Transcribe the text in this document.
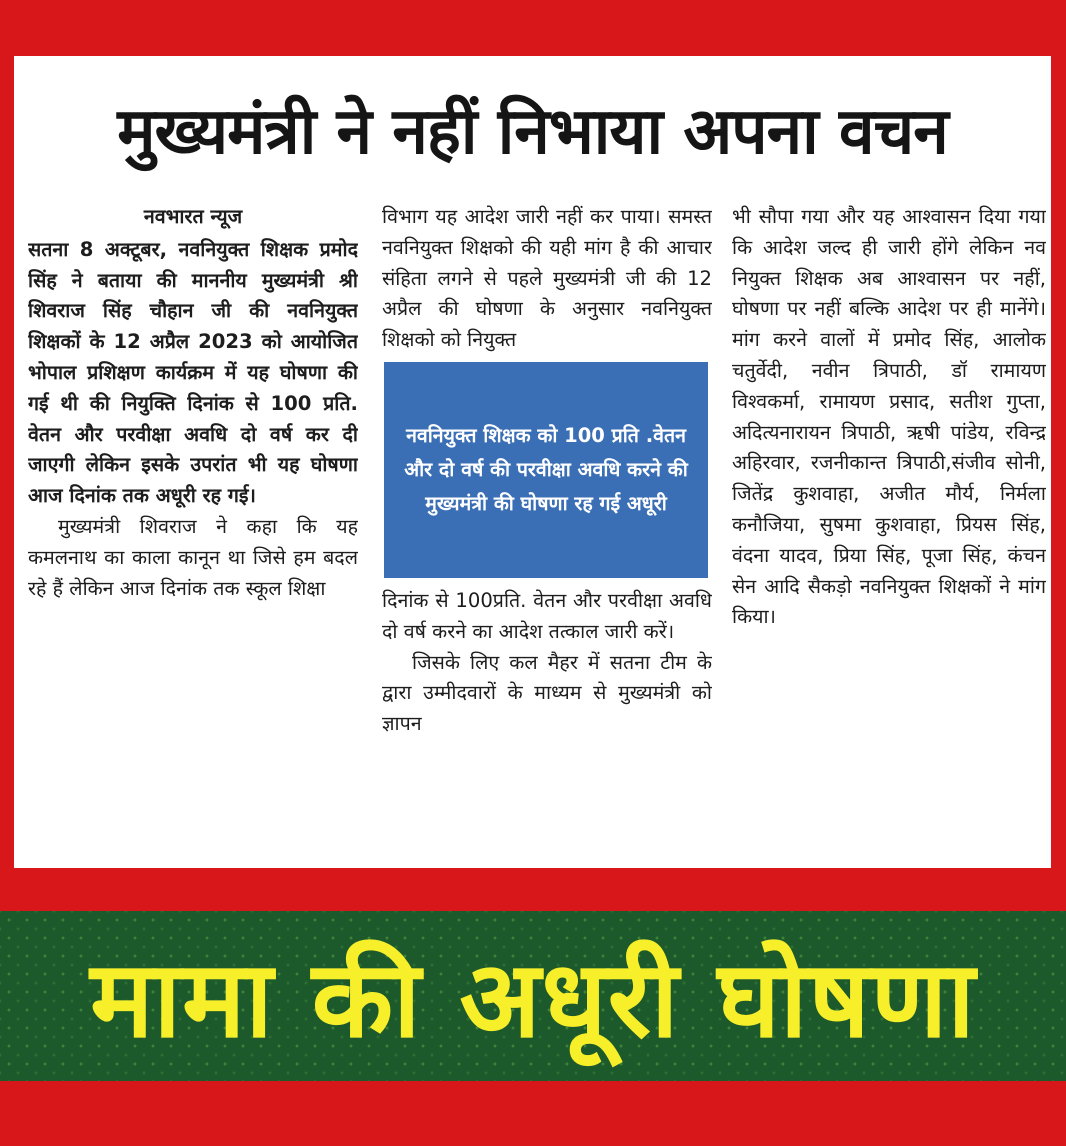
मुख्यमंत्री ने नहीं निभाया अपना वचन
नवभारत न्यूज

सतना 8 अक्टूबर, नवनियुक्त शिक्षक प्रमोद सिंह ने बताया की माननीय मुख्यमंत्री श्री शिवराज सिंह चौहान जी की नवनियुक्त शिक्षकों के 12 अप्रैल 2023 को आयोजित भोपाल प्रशिक्षण कार्यक्रम में यह घोषणा की गई थी की नियुक्ति दिनांक से 100 प्रति. वेतन और परवीक्षा अवधि दो वर्ष कर दी जाएगी लेकिन इसके उपरांत भी यह घोषणा आज दिनांक तक अधूरी रह गई।

मुख्यमंत्री शिवराज ने कहा कि यह कमलनाथ का काला कानून था जिसे हम बदल रहे हैं लेकिन आज दिनांक तक स्कूल शिक्षा

विभाग यह आदेश जारी नहीं कर पाया। समस्त नवनियुक्त शिक्षको की यही मांग है की आचार संहिता लगने से पहले मुख्यमंत्री जी की 12 अप्रैल की घोषणा के अनुसार नवनियुक्त शिक्षको को नियुक्त

नवनियुक्त शिक्षक को 100 प्रति .वेतन और दो वर्ष की परवीक्षा अवधि करने की मुख्यमंत्री की घोषणा रह गई अधूरी

दिनांक से 100प्रति. वेतन और परवीक्षा अवधि दो वर्ष करने का आदेश तत्काल जारी करें।

जिसके लिए कल मैहर में सतना टीम के द्वारा उम्मीदवारों के माध्यम से मुख्यमंत्री को ज्ञापन

भी सौपा गया और यह आश्वासन दिया गया कि आदेश जल्द ही जारी होंगे लेकिन नव नियुक्त शिक्षक अब आश्वासन पर नहीं, घोषणा पर नहीं बल्कि आदेश पर ही मानेंगे। मांग करने वालों में प्रमोद सिंह, आलोक चतुर्वेदी, नवीन त्रिपाठी, डॉ रामायण विश्वकर्मा, रामायण प्रसाद, सतीश गुप्ता, अदित्यनारायन त्रिपाठी, ऋषी पांडेय, रविन्द्र अहिरवार, रजनीकान्त त्रिपाठी,संजीव सोनी, जितेंद्र कुशवाहा, अजीत मौर्य, निर्मला कनौजिया, सुषमा कुशवाहा, प्रियस सिंह, वंदना यादव, प्रिया सिंह, पूजा सिंह, कंचन सेन आदि सैकड़ो नवनियुक्त शिक्षकों ने मांग किया।

मामा की अधूरी घोषणा
